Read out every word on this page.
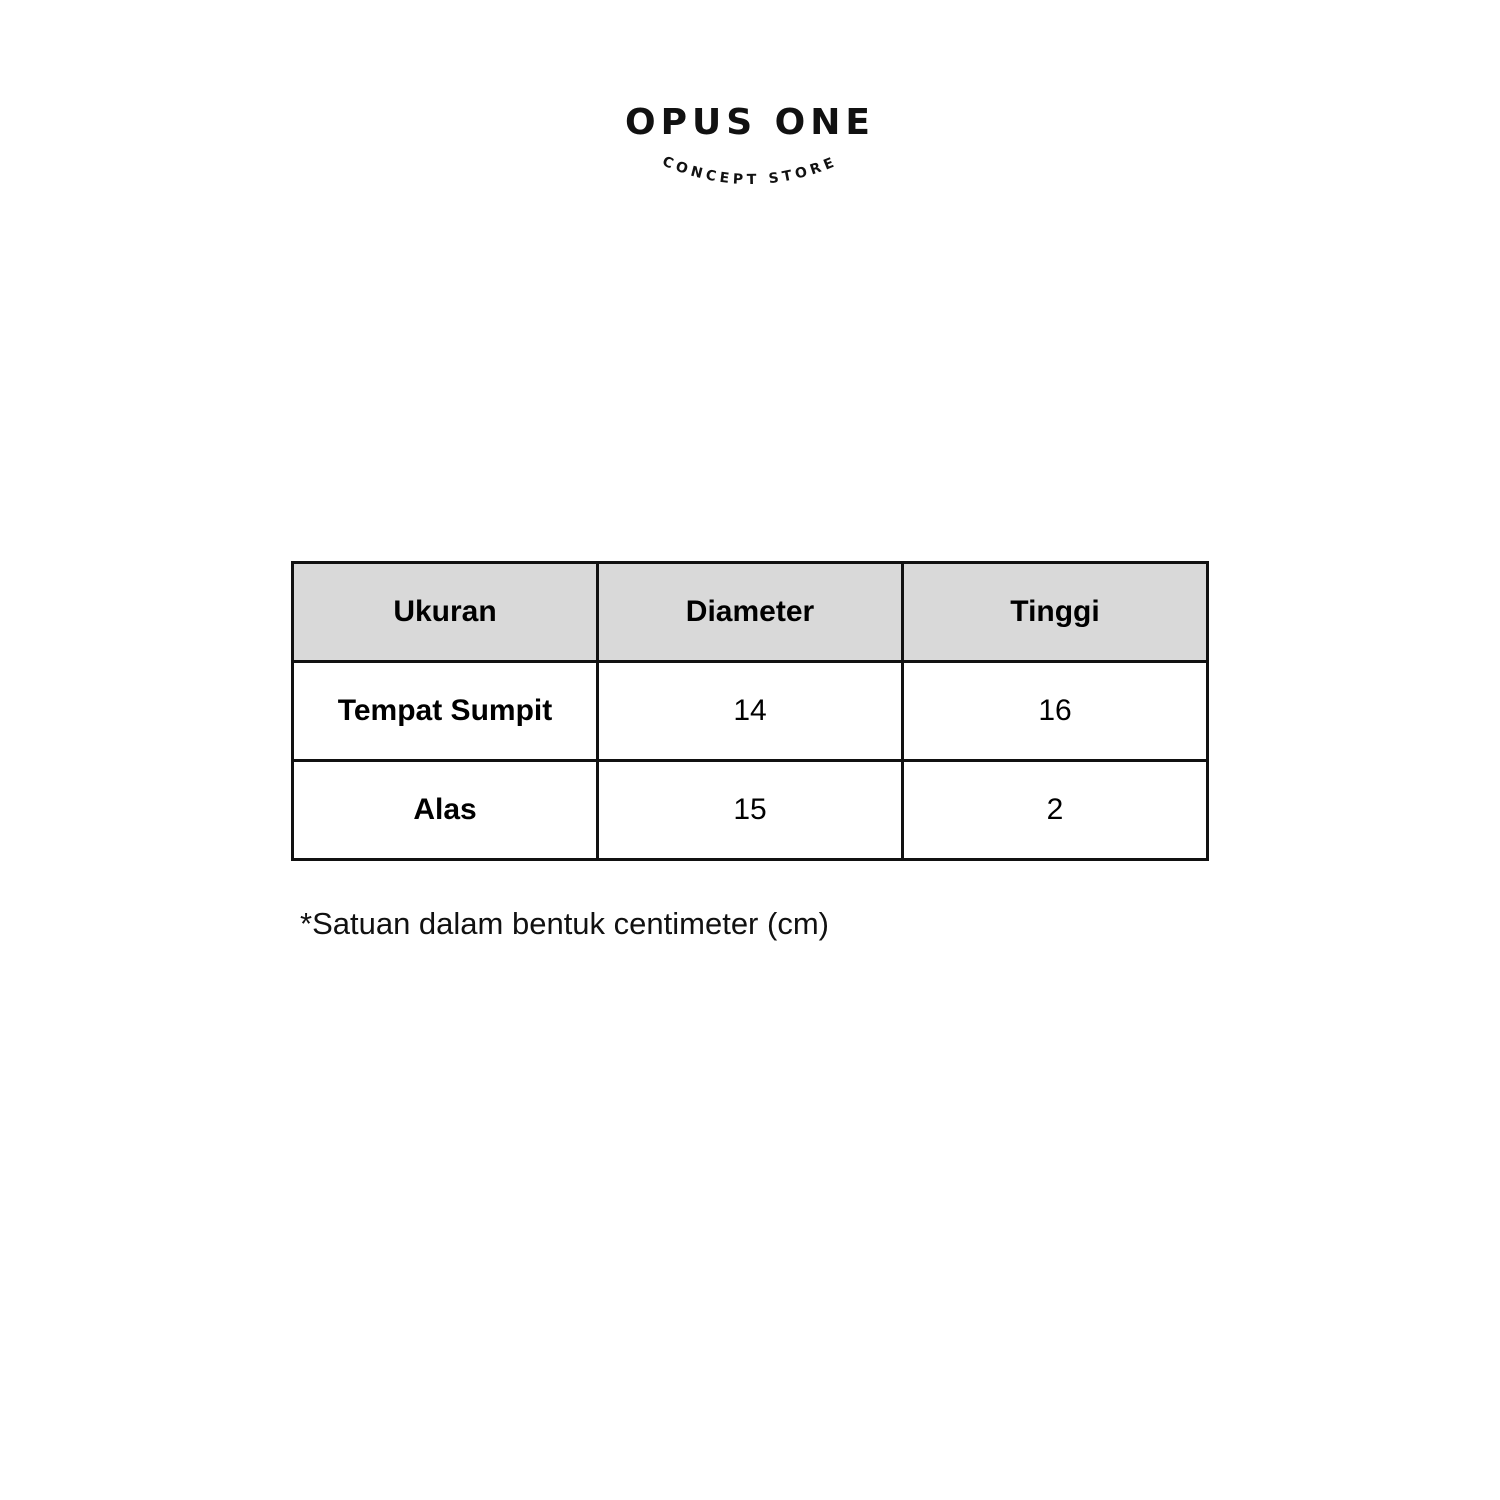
OPUS ONE
CONCEPT STORE
Ukuran	Diameter	Tinggi
Tempat Sumpit	14	16
Alas	15	2
*Satuan dalam bentuk centimeter (cm)
